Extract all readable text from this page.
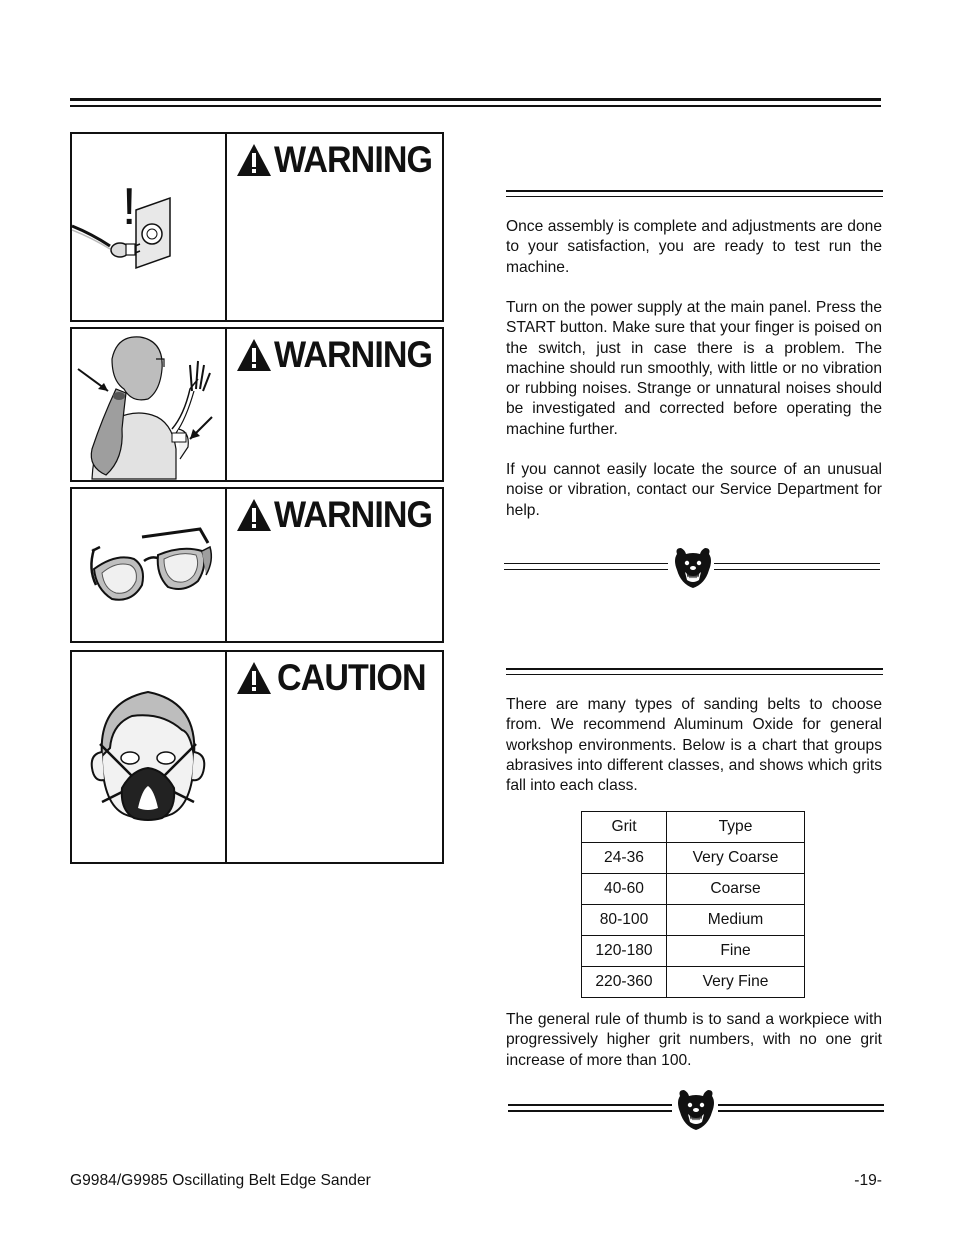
!
WARNING
WARNING
WARNING
CAUTION

Once assembly is complete and adjustments are done to your satisfaction, you are ready to test run the machine.

Turn on the power supply at the main panel. Press the START button. Make sure that your finger is poised on the switch, just in case there is a problem. The machine should run smoothly, with little or no vibration or rubbing noises. Strange or unnatural noises should be investigated and corrected before operating the machine further.

If you cannot easily locate the source of an unusual noise or vibration, contact our Service Department for help.

There are many types of sanding belts to choose from. We recommend Aluminum Oxide for general workshop environments. Below is a chart that groups abrasives into different classes, and shows which grits fall into each class.

Grit	Type
24-36	Very Coarse
40-60	Coarse
80-100	Medium
120-180	Fine
220-360	Very Fine

The general rule of thumb is to sand a workpiece with progressively higher grit numbers, with no one grit increase of more than 100.

G9984/G9985 Oscillating Belt Edge Sander	-19-
